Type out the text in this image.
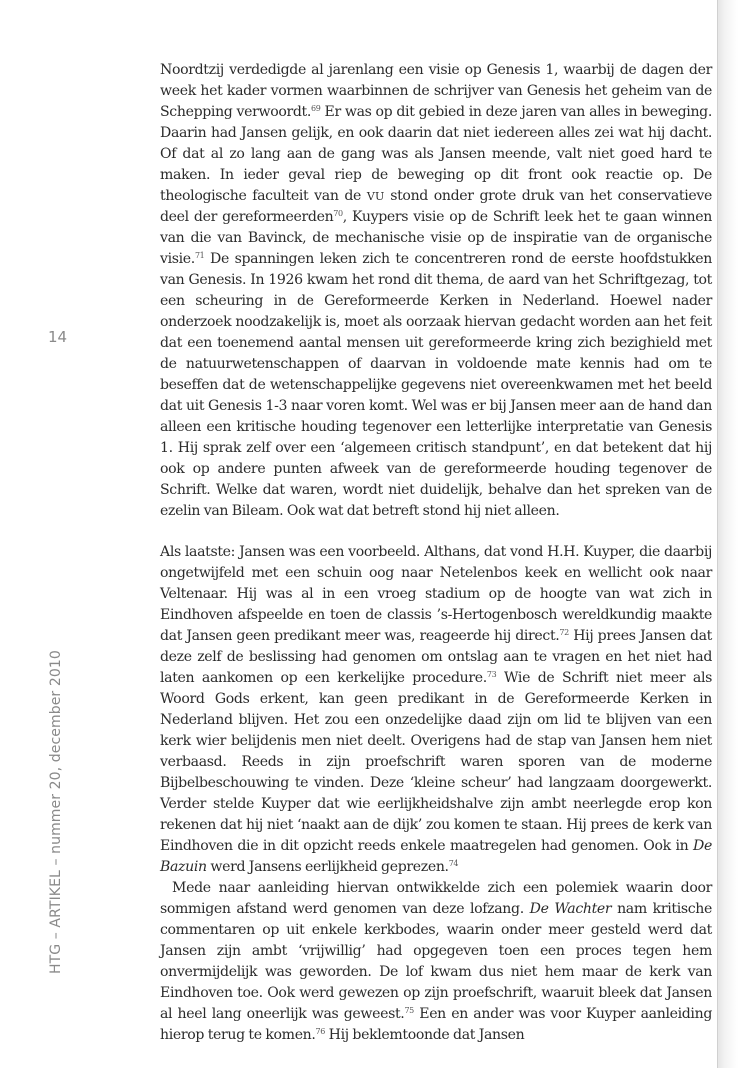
14
HTG – ARTIKEL – nummer 20, december 2010

Noordtzij verdedigde al jarenlang een visie op Genesis 1, waarbij de dagen der week het kader vormen waarbinnen de schrijver van Genesis het geheim van de Schepping verwoordt.$^{69}$ Er was op dit gebied in deze jaren van alles in beweging. Daarin had Jansen gelijk, en ook daarin dat niet iedereen alles zei wat hij dacht. Of dat al zo lang aan de gang was als Jansen meende, valt niet goed hard te maken. In ieder geval riep de beweging op dit front ook reactie op. De theologische faculteit van de VU stond onder grote druk van het conservatieve deel der gereformeerden$^{70}$, Kuypers visie op de Schrift leek het te gaan winnen van die van Bavinck, de mechanische visie op de inspiratie van de organische visie.$^{71}$ De spanningen leken zich te concentreren rond de eerste hoofdstukken van Genesis. In 1926 kwam het rond dit thema, de aard van het Schriftgezag, tot een scheuring in de Gereformeerde Kerken in Nederland. Hoewel nader onderzoek noodzakelijk is, moet als oorzaak hiervan gedacht worden aan het feit dat een toenemend aantal mensen uit gereformeerde kring zich bezighield met de natuurwetenschappen of daarvan in voldoende mate kennis had om te beseffen dat de wetenschappelijke gegevens niet overeenkwamen met het beeld dat uit Genesis 1-3 naar voren komt. Wel was er bij Jansen meer aan de hand dan alleen een kritische houding tegenover een letterlijke interpretatie van Genesis 1. Hij sprak zelf over een ‘algemeen critisch standpunt’, en dat betekent dat hij ook op andere punten afweek van de gereformeerde houding tegenover de Schrift. Welke dat waren, wordt niet duidelijk, behalve dan het spreken van de ezelin van Bileam. Ook wat dat betreft stond hij niet alleen.

Als laatste: Jansen was een voorbeeld. Althans, dat vond H.H. Kuyper, die daarbij ongetwijfeld met een schuin oog naar Netelenbos keek en wellicht ook naar Veltenaar. Hij was al in een vroeg stadium op de hoogte van wat zich in Eindhoven afspeelde en toen de classis ’s-Hertogenbosch wereldkundig maakte dat Jansen geen predikant meer was, reageerde hij direct.$^{72}$ Hij prees Jansen dat deze zelf de beslissing had genomen om ontslag aan te vragen en het niet had laten aankomen op een kerkelijke procedure.$^{73}$ Wie de Schrift niet meer als Woord Gods erkent, kan geen predikant in de Gereformeerde Kerken in Nederland blijven. Het zou een onzedelijke daad zijn om lid te blijven van een kerk wier belijdenis men niet deelt. Overigens had de stap van Jansen hem niet verbaasd. Reeds in zijn proefschrift waren sporen van de moderne Bijbelbeschouwing te vinden. Deze ‘kleine scheur’ had langzaam doorgewerkt. Verder stelde Kuyper dat wie eerlijkheidshalve zijn ambt neerlegde erop kon rekenen dat hij niet ‘naakt aan de dijk’ zou komen te staan. Hij prees de kerk van Eindhoven die in dit opzicht reeds enkele maatregelen had genomen. Ook in De Bazuin werd Jansens eerlijkheid geprezen.$^{74}$

Mede naar aanleiding hiervan ontwikkelde zich een polemiek waarin door sommigen afstand werd genomen van deze lofzang. De Wachter nam kritische commentaren op uit enkele kerkbodes, waarin onder meer gesteld werd dat Jansen zijn ambt ‘vrijwillig’ had opgegeven toen een proces tegen hem onvermijdelijk was geworden. De lof kwam dus niet hem maar de kerk van Eindhoven toe. Ook werd gewezen op zijn proefschrift, waaruit bleek dat Jansen al heel lang oneerlijk was geweest.$^{75}$ Een en ander was voor Kuyper aanleiding hierop terug te komen.$^{76}$ Hij beklemtoonde dat Jansen
